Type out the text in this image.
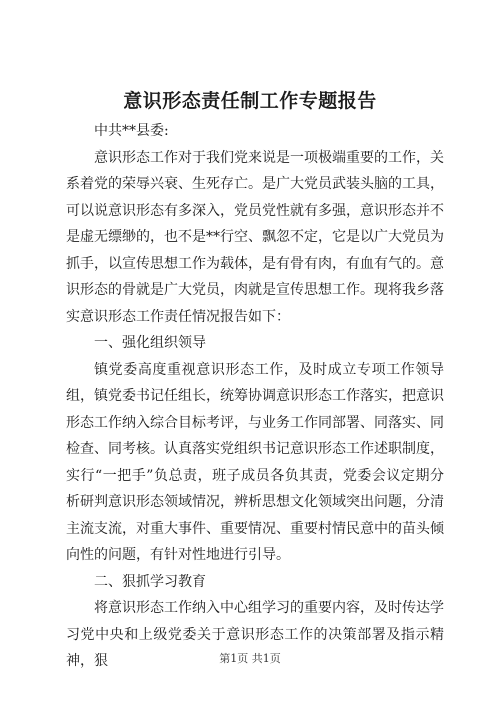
意识形态责任制工作专题报告

中共**县委:

意识形态工作对于我们党来说是一项极端重要的工作，关系着党的荣辱兴衰、生死存亡。是广大党员武装头脑的工具，可以说意识形态有多深入，党员党性就有多强，意识形态并不是虚无缥缈的，也不是**行空、飘忽不定，它是以广大党员为抓手，以宣传思想工作为载体，是有骨有肉，有血有气的。意识形态的骨就是广大党员，肉就是宣传思想工作。现将我乡落实意识形态工作责任情况报告如下：

一、强化组织领导

镇党委高度重视意识形态工作，及时成立专项工作领导组，镇党委书记任组长，统筹协调意识形态工作落实，把意识形态工作纳入综合目标考评，与业务工作同部署、同落实、同检查、同考核。认真落实党组织书记意识形态工作述职制度，实行“一把手”负总责，班子成员各负其责，党委会议定期分析研判意识形态领域情况，辨析思想文化领域突出问题，分清主流支流，对重大事件、重要情况、重要村情民意中的苗头倾向性的问题，有针对性地进行引导。

二、狠抓学习教育

将意识形态工作纳入中心组学习的重要内容，及时传达学习党中央和上级党委关于意识形态工作的决策部署及指示精神，狠	第1页 共1页
